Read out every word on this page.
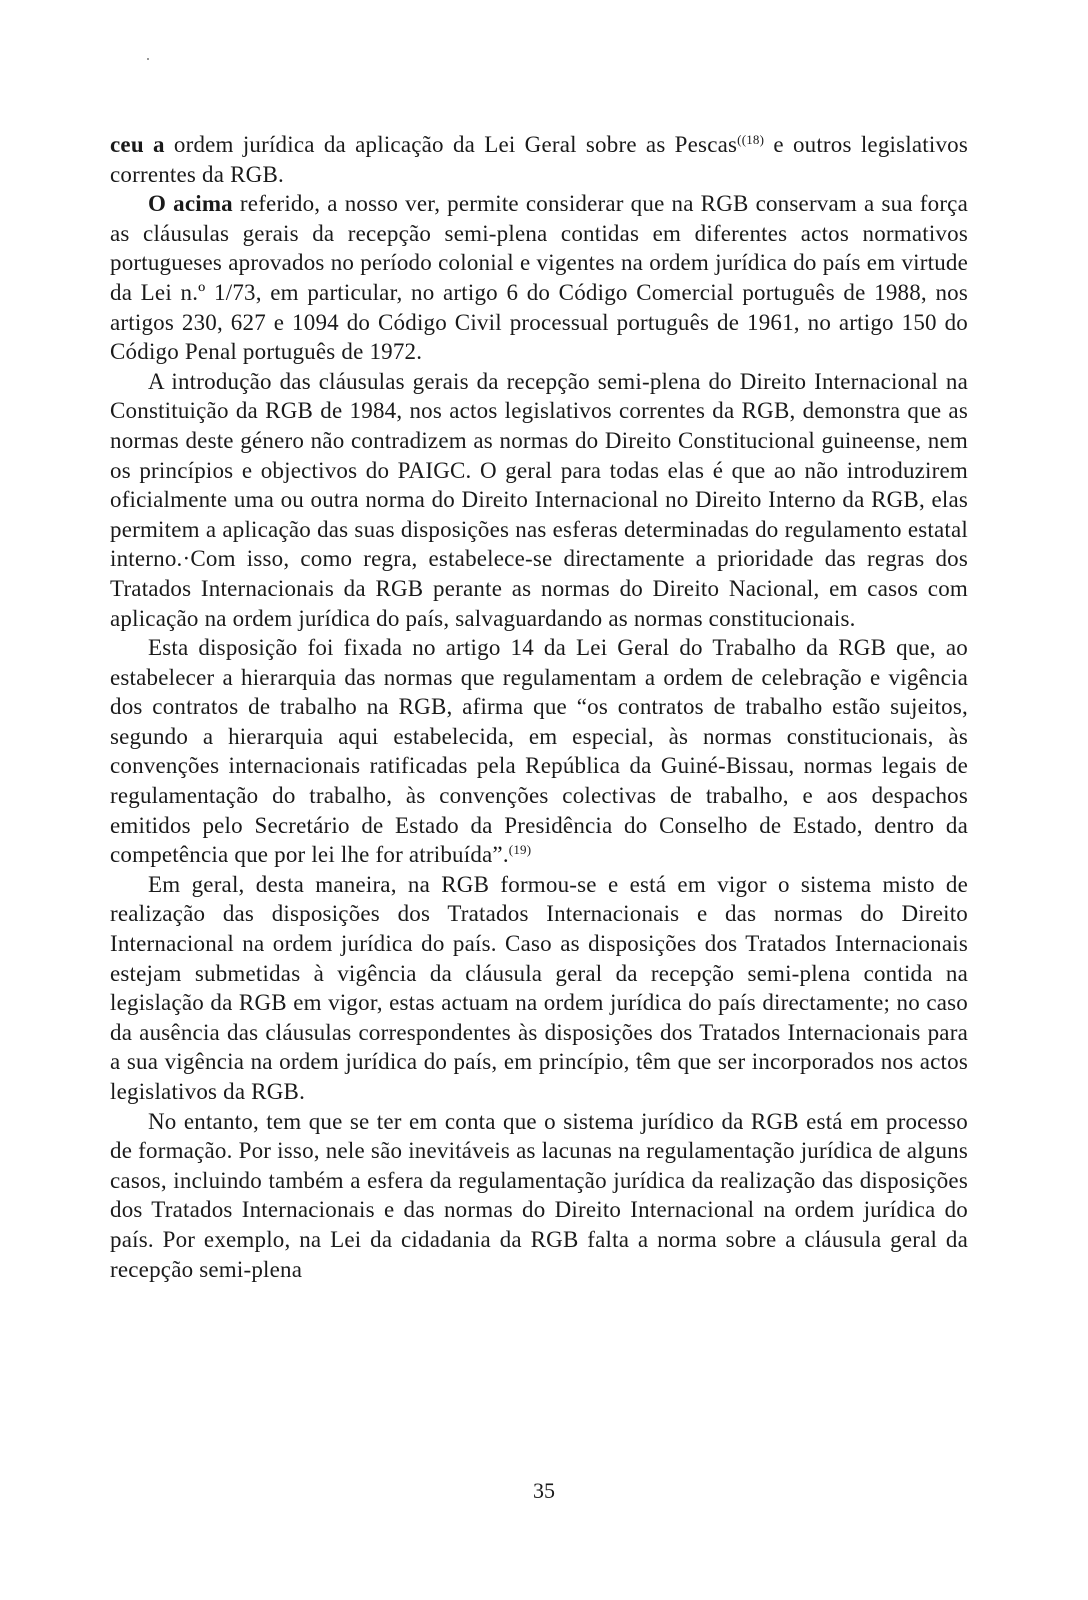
ceu a ordem jurídica da aplicação da Lei Geral sobre as Pescas$^{((18)}$ e outros legislativos correntes da RGB.

O acima referido, a nosso ver, permite considerar que na RGB conservam a sua força as cláusulas gerais da recepção semi-plena contidas em diferentes actos normativos portugueses aprovados no período colonial e vigentes na ordem jurídica do país em virtude da Lei n.º 1/73, em particular, no artigo 6 do Código Comercial português de 1988, nos artigos 230, 627 e 1094 do Código Civil processual português de 1961, no artigo 150 do Código Penal português de 1972.

A introdução das cláusulas gerais da recepção semi-plena do Direito Internacional na Constituição da RGB de 1984, nos actos legislativos correntes da RGB, demonstra que as normas deste género não contradizem as normas do Direito Constitucional guineense, nem os princípios e objectivos do PAIGC. O geral para todas elas é que ao não introduzirem oficialmente uma ou outra norma do Direito Internacional no Direito Interno da RGB, elas permitem a aplicação das suas disposições nas esferas determinadas do regulamento estatal interno.·Com isso, como regra, estabelece-se directamente a prioridade das regras dos Tratados Internacionais da RGB perante as normas do Direito Nacional, em casos com aplicação na ordem jurídica do país, salvaguardando as normas constitucionais.

Esta disposição foi fixada no artigo 14 da Lei Geral do Trabalho da RGB que, ao estabelecer a hierarquia das normas que regulamentam a ordem de celebração e vigência dos contratos de trabalho na RGB, afirma que “os contratos de trabalho estão sujeitos, segundo a hierarquia aqui estabelecida, em especial, às normas constitucionais, às convenções internacionais ratificadas pela República da Guiné-Bissau, normas legais de regulamentação do trabalho, às convenções colectivas de trabalho, e aos despachos emitidos pelo Secretário de Estado da Presidência do Conselho de Estado, dentro da competência que por lei lhe for atribuída”.$^{(19)}$

Em geral, desta maneira, na RGB formou-se e está em vigor o sistema misto de realização das disposições dos Tratados Internacionais e das normas do Direito Internacional na ordem jurídica do país. Caso as disposições dos Tratados Internacionais estejam submetidas à vigência da cláusula geral da recepção semi-plena contida na legislação da RGB em vigor, estas actuam na ordem jurídica do país directamente; no caso da ausência das cláusulas correspondentes às disposições dos Tratados Internacionais para a sua vigência na ordem jurídica do país, em princípio, têm que ser incorporados nos actos legislativos da RGB.

No entanto, tem que se ter em conta que o sistema jurídico da RGB está em processo de formação. Por isso, nele são inevitáveis as lacunas na regulamentação jurídica de alguns casos, incluindo também a esfera da regulamentação jurídica da realização das disposições dos Tratados Internacionais e das normas do Direito Internacional na ordem jurídica do país. Por exemplo, na Lei da cidadania da RGB falta a norma sobre a cláusula geral da recepção semi-plena

35
